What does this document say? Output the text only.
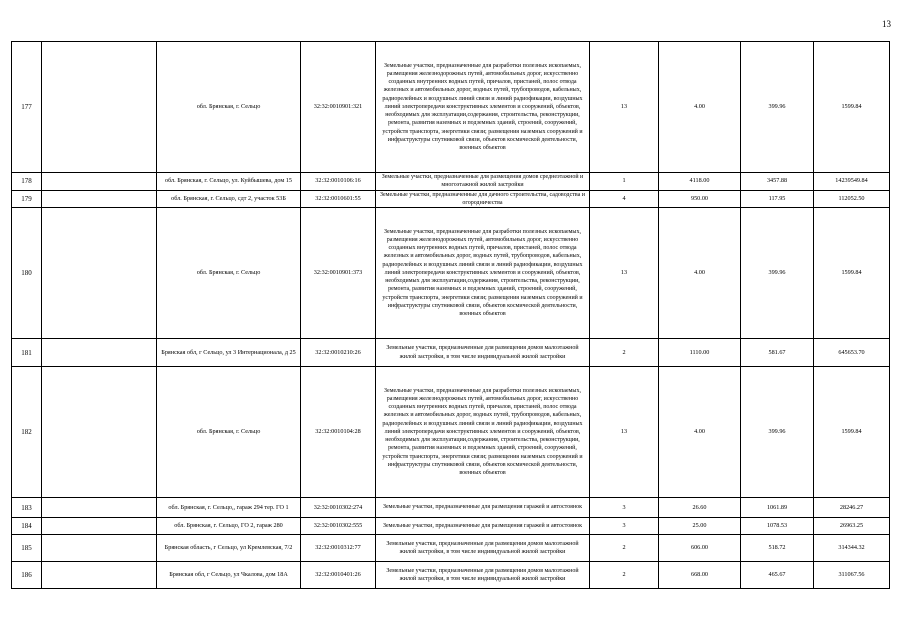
13
177		обл. Брянская, г. Сельцо	32:32:0010901:321	Земельные участки, предназначенные для разработки полезных ископаемых, размещения железнодорожных путей, автомобильных дорог, искусственно созданных внутренних водных путей, причалов, пристаней, полос отвода железных и автомобильных дорог, водных путей, трубопроводов, кабельных, радиорелейных и воздушных линий связи и линий радиофикации, воздушных линий электропередачи конструктивных элементов и сооружений, объектов, необходимых для эксплуатации,содержания, строительства, реконструкции, ремонта, развития наземных и подземных зданий, строений, сооружений, устройств транспорта, энергетики связи; размещения наземных сооружений и инфраструктуры спутниковой связи, объектов космической деятельности, военных объектов	13	4.00	399.96	1599.84
178		обл. Брянская, г. Сельцо, ул. Куйбышева, дом 15	32:32:0010106:16	Земельные участки, предназначенные для размещения домов среднеэтажной и многоэтажной жилой застройки	1	4118.00	3457.88	14239549.84
179		обл. Брянская, г. Сельцо, сдт 2, участок 53Б	32:32:0010601:55	Земельные участки, предназначенные для дачного строительства, садоводства и огородничества	4	950.00	117.95	112052.50
180		обл. Брянская, г. Сельцо	32:32:0010901:373	Земельные участки, предназначенные для разработки полезных ископаемых, размещения железнодорожных путей, автомобильных дорог, искусственно созданных внутренних водных путей, причалов, пристаней, полос отвода железных и автомобильных дорог, водных путей, трубопроводов, кабельных, радиорелейных и воздушных линий связи и линий радиофикации, воздушных линий электропередачи конструктивных элементов и сооружений, объектов, необходимых для эксплуатации,содержания, строительства, реконструкции, ремонта, развития наземных и подземных зданий, строений, сооружений, устройств транспорта, энергетики связи; размещения наземных сооружений и инфраструктуры спутниковой связи, объектов космической деятельности, военных объектов	13	4.00	399.96	1599.84
181		Брянская обл, г Сельцо, ул 3 Интернационала, д 25	32:32:0010210:26	Земельные участки, предназначенные для размещения домов малоэтажной жилой застройки, в том числе индивидуальной жилой застройки	2	1110.00	581.67	645653.70
182		обл. Брянская, г. Сельцо	32:32:0010104:28	Земельные участки, предназначенные для разработки полезных ископаемых, размещения железнодорожных путей, автомобильных дорог, искусственно созданных внутренних водных путей, причалов, пристаней, полос отвода железных и автомобильных дорог, водных путей, трубопроводов, кабельных, радиорелейных и воздушных линий связи и линий радиофикации, воздушных линий электропередачи конструктивных элементов и сооружений, объектов, необходимых для эксплуатации,содержания, строительства, реконструкции, ремонта, развития наземных и подземных зданий, строений, сооружений, устройств транспорта, энергетики связи; размещения наземных сооружений и инфраструктуры спутниковой связи, объектов космической деятельности, военных объектов	13	4.00	399.96	1599.84
183		обл. Брянская, г. Сельцо,, гараж 294 тер. ГО 1	32:32:0010302:274	Земельные участки, предназначенные для размещения гаражей и автостоянок	3	26.60	1061.89	28246.27
184		обл. Брянская, г. Сельцо, ГО 2, гараж 280	32:32:0010302:555	Земельные участки, предназначенные для размещения гаражей и автостоянок	3	25.00	1078.53	26963.25
185		Брянская область, г Сельцо, ул Кремлевская, 7/2	32:32:0010312:77	Земельные участки, предназначенные для размещения домов малоэтажной жилой застройки, в том числе индивидуальной жилой застройки	2	606.00	518.72	314344.32
186		Брянская обл, г Сельцо, ул Чкалова, дом 18А	32:32:0010401:26	Земельные участки, предназначенные для размещения домов малоэтажной жилой застройки, в том числе индивидуальной жилой застройки	2	668.00	465.67	311067.56
